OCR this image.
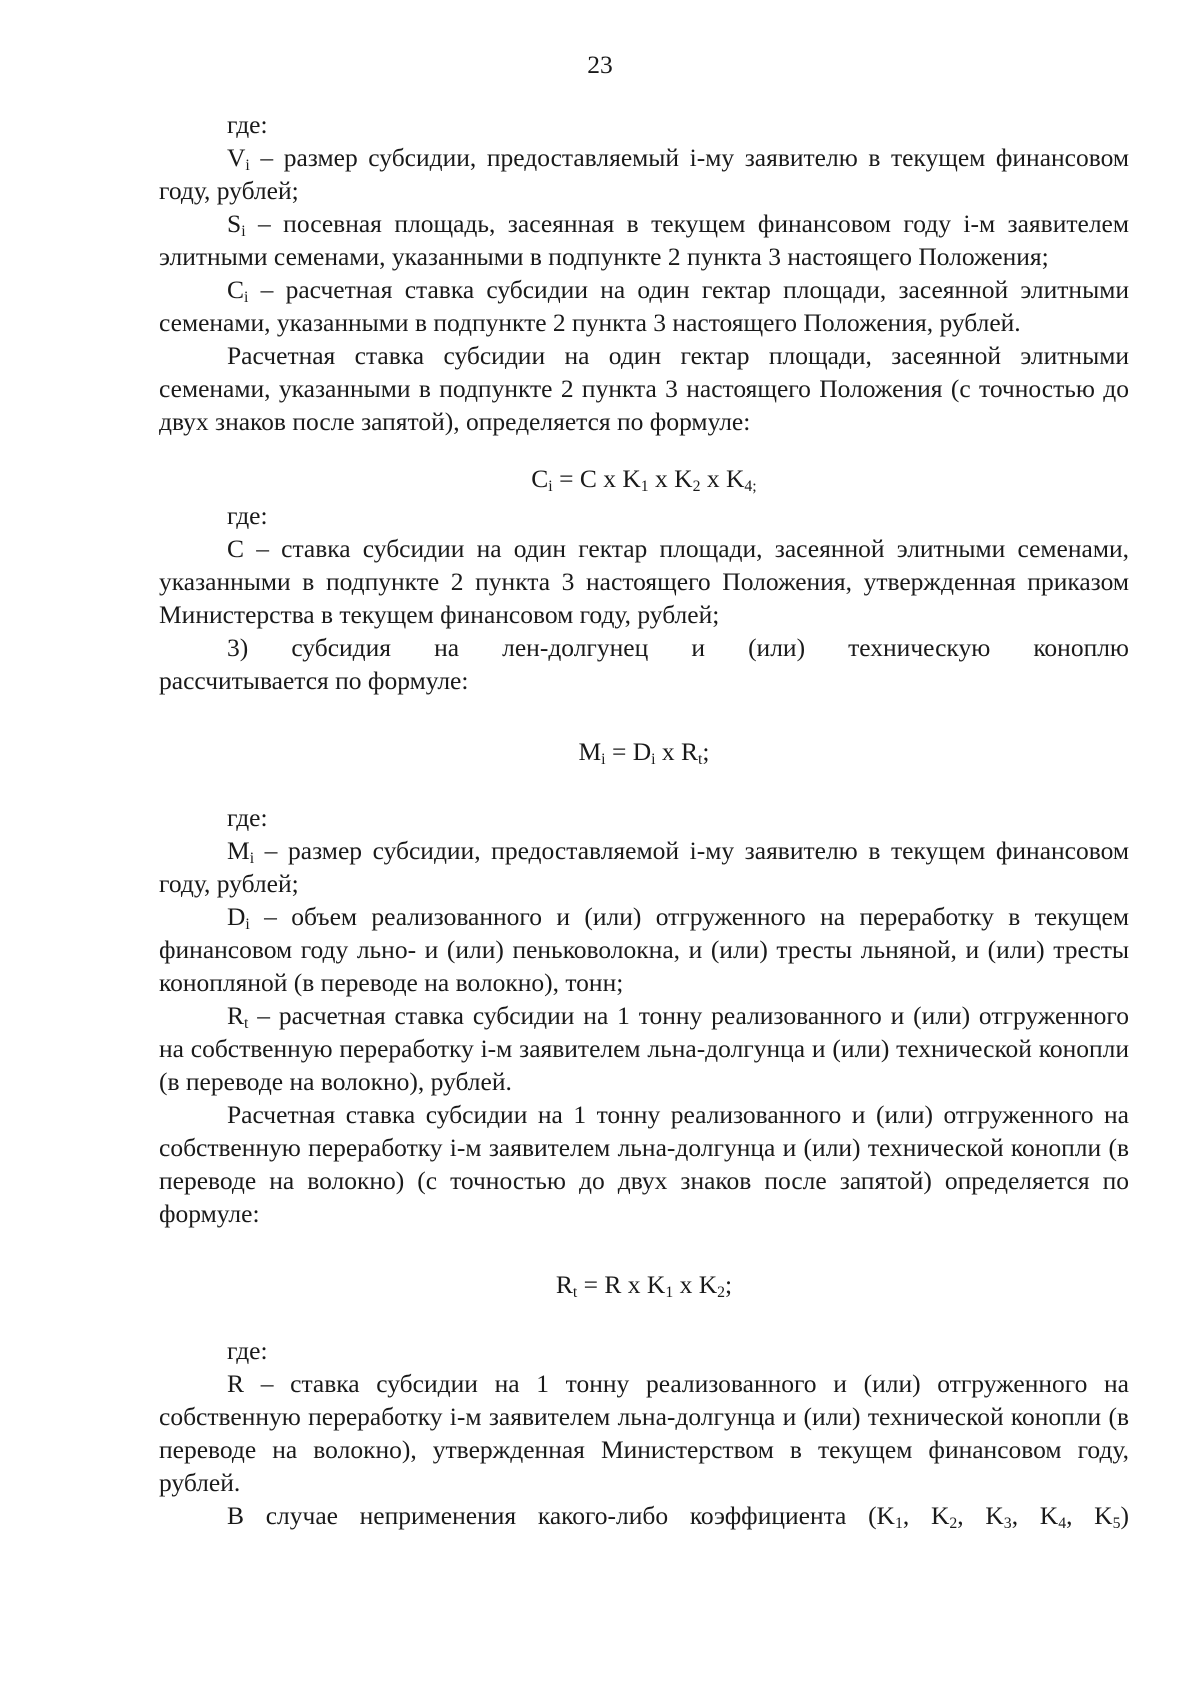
23

где:

$V_i$ – размер субсидии, предоставляемый i-му заявителю в текущем финансовом году, рублей;

$S_i$ – посевная площадь, засеянная в текущем финансовом году i-м заявителем элитными семенами, указанными в подпункте 2 пункта 3 настоящего Положения;

$C_i$ – расчетная ставка субсидии на один гектар площади, засеянной элитными семенами, указанными в подпункте 2 пункта 3 настоящего Положения, рублей.

Расчетная ставка субсидии на один гектар площади, засеянной элитными семенами, указанными в подпункте 2 пункта 3 настоящего Положения (с точностью до двух знаков после запятой), определяется по формуле:

$C_i = C$ х $K_1$ х $K_2$ х $K_{4;}$

где:

C – ставка субсидии на один гектар площади, засеянной элитными семенами, указанными в подпункте 2 пункта 3 настоящего Положения, утвержденная приказом Министерства в текущем финансовом году, рублей;

3) субсидия на лен-долгунец и (или) техническую коноплю

рассчитывается по формуле:

$M_i = D_i$ х $R_t$;

где:

$M_i$ – размер субсидии, предоставляемой i-му заявителю в текущем финансовом году, рублей;

$D_i$ – объем реализованного и (или) отгруженного на переработку в текущем финансовом году льно- и (или) пеньковолокна, и (или) тресты льняной, и (или) тресты конопляной (в переводе на волокно), тонн;

$R_t$ – расчетная ставка субсидии на 1 тонну реализованного и (или) отгруженного на собственную переработку i-м заявителем льна-долгунца и (или) технической конопли (в переводе на волокно), рублей.

Расчетная ставка субсидии на 1 тонну реализованного и (или) отгруженного на собственную переработку i-м заявителем льна-долгунца и (или) технической конопли (в переводе на волокно) (с точностью до двух знаков после запятой) определяется по формуле:

$R_t = R$ х $K_1$ х $K_2$;

где:

R – ставка субсидии на 1 тонну реализованного и (или) отгруженного на собственную переработку i-м заявителем льна-долгунца и (или) технической конопли (в переводе на волокно), утвержденная Министерством в текущем финансовом году, рублей.

В случае неприменения какого-либо коэффициента ($K_1$, $K_2$, $K_3$, $K_4$, $K_5$)
